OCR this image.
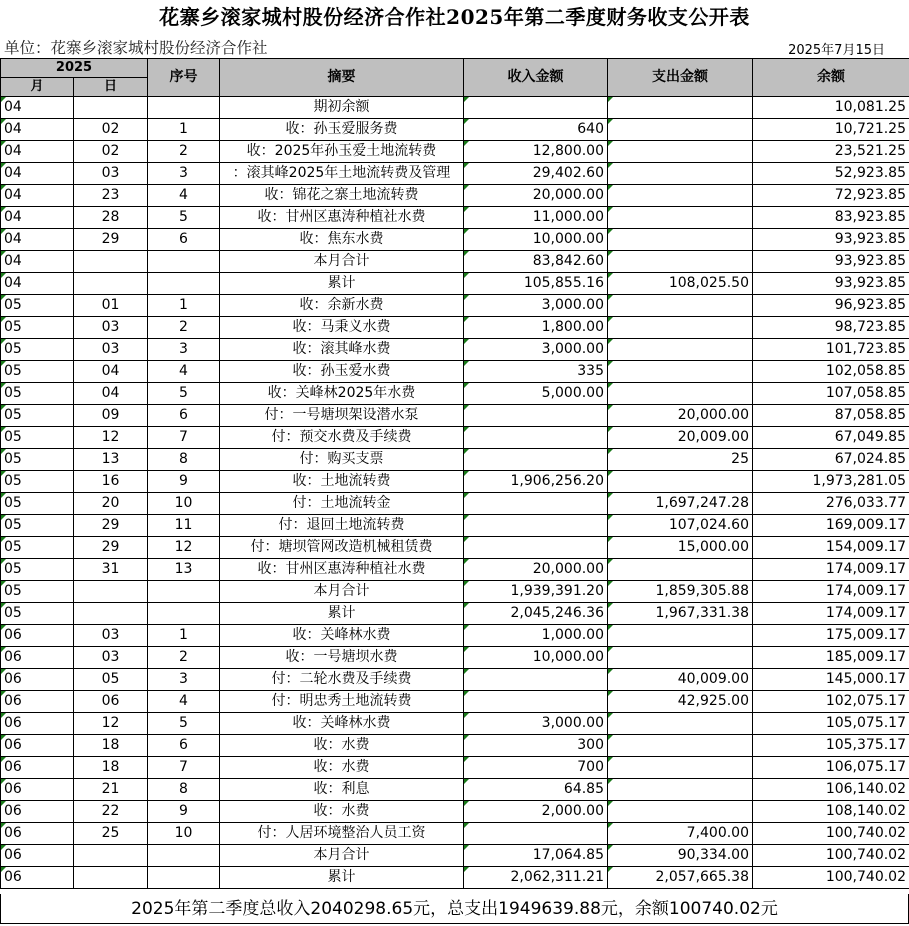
花寨乡滚家城村股份经济合作社2025年第二季度财务收支公开表
单位：花寨乡滚家城村股份经济合作社	2025年7月15日
2025		序号	摘要	收入金额	支出金额	余额
月	日					
04			期初余额			10,081.25
04	02	1	收：孙玉爱服务费	640		10,721.25
04	02	2	收：2025年孙玉爱土地流转费	12,800.00		23,521.25
04	03	3	：滚其峰2025年土地流转费及管理	29,402.60		52,923.85
04	23	4	收：锦花之寨土地流转费	20,000.00		72,923.85
04	28	5	收：甘州区惠涛种植社水费	11,000.00		83,923.85
04	29	6	收：焦东水费	10,000.00		93,923.85
04			本月合计	83,842.60		93,923.85
04			累计	105,855.16	108,025.50	93,923.85
05	01	1	收：余新水费	3,000.00		96,923.85
05	03	2	收：马秉义水费	1,800.00		98,723.85
05	03	3	收：滚其峰水费	3,000.00		101,723.85
05	04	4	收：孙玉爱水费	335		102,058.85
05	04	5	收：关峰林2025年水费	5,000.00		107,058.85
05	09	6	付：一号塘坝架设潜水泵		20,000.00	87,058.85
05	12	7	付：预交水费及手续费		20,009.00	67,049.85
05	13	8	付：购买支票		25	67,024.85
05	16	9	收：土地流转费	1,906,256.20		1,973,281.05
05	20	10	付：土地流转金		1,697,247.28	276,033.77
05	29	11	付：退回土地流转费		107,024.60	169,009.17
05	29	12	付：塘坝管网改造机械租赁费		15,000.00	154,009.17
05	31	13	收：甘州区惠涛种植社水费	20,000.00		174,009.17
05			本月合计	1,939,391.20	1,859,305.88	174,009.17
05			累计	2,045,246.36	1,967,331.38	174,009.17
06	03	1	收：关峰林水费	1,000.00		175,009.17
06	03	2	收：一号塘坝水费	10,000.00		185,009.17
06	05	3	付：二轮水费及手续费		40,009.00	145,000.17
06	06	4	付：明忠秀土地流转费		42,925.00	102,075.17
06	12	5	收：关峰林水费	3,000.00		105,075.17
06	18	6	收：水费	300		105,375.17
06	18	7	收：水费	700		106,075.17
06	21	8	收：利息	64.85		106,140.02
06	22	9	收：水费	2,000.00		108,140.02
06	25	10	付：人居环境整治人员工资		7,400.00	100,740.02
06			本月合计	17,064.85	90,334.00	100,740.02
06			累计	2,062,311.21	2,057,665.38	100,740.02
2025年第二季度总收入2040298.65元，总支出1949639.88元，余额100740.02元
